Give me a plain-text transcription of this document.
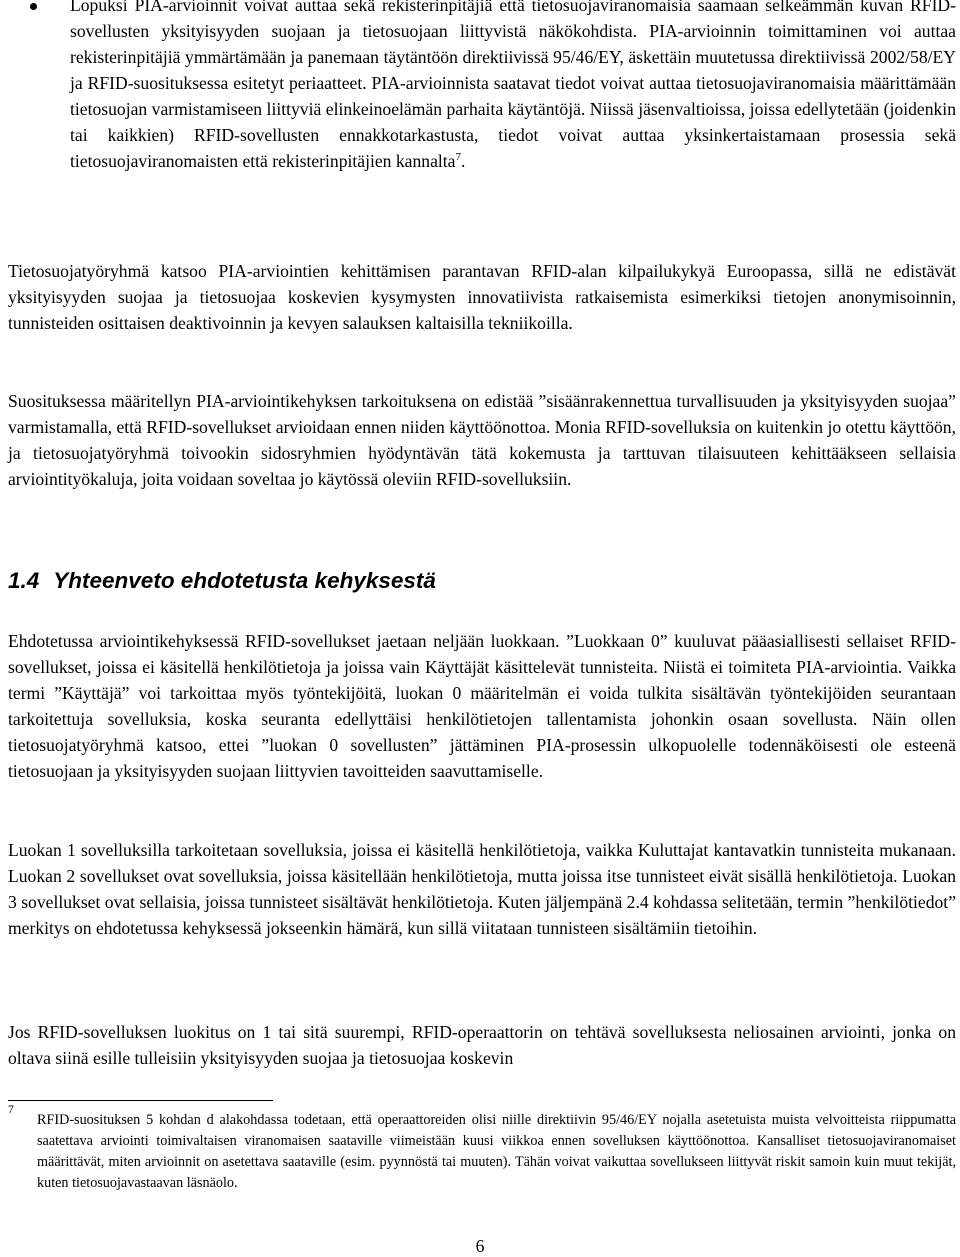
Lopuksi PIA-arvioinnit voivat auttaa sekä rekisterinpitäjiä että tietosuojaviranomaisia saamaan selkeämmän kuvan RFID-sovellusten yksityisyyden suojaan ja tietosuojaan liittyvistä näkökohdista. PIA-arvioinnin toimittaminen voi auttaa rekisterinpitäjiä ymmärtämään ja panemaan täytäntöön direktiivissä 95/46/EY, äskettäin muutetussa direktiivissä 2002/58/EY ja RFID-suosituksessa esitetyt periaatteet. PIA-arvioinnista saatavat tiedot voivat auttaa tietosuojaviranomaisia määrittämään tietosuojan varmistamiseen liittyviä elinkeinoelämän parhaita käytäntöjä. Niissä jäsenvaltioissa, joissa edellytetään (joidenkin tai kaikkien) RFID-sovellusten ennakkotarkastusta, tiedot voivat auttaa yksinkertaistamaan prosessia sekä tietosuojaviranomaisten että rekisterinpitäjien kannalta$^7$.

Tietosuojatyöryhmä katsoo PIA-arviointien kehittämisen parantavan RFID-alan kilpailukykyä Euroopassa, sillä ne edistävät yksityisyyden suojaa ja tietosuojaa koskevien kysymysten innovatiivista ratkaisemista esimerkiksi tietojen anonymisoinnin, tunnisteiden osittaisen deaktivoinnin ja kevyen salauksen kaltaisilla tekniikoilla.

Suosituksessa määritellyn PIA-arviointikehyksen tarkoituksena on edistää ”sisäänrakennettua turvallisuuden ja yksityisyyden suojaa” varmistamalla, että RFID-sovellukset arvioidaan ennen niiden käyttöönottoa. Monia RFID-sovelluksia on kuitenkin jo otettu käyttöön, ja tietosuojatyöryhmä toivookin sidosryhmien hyödyntävän tätä kokemusta ja tarttuvan tilaisuuteen kehittääkseen sellaisia arviointityökaluja, joita voidaan soveltaa jo käytössä oleviin RFID-sovelluksiin.

1.4 Yhteenveto ehdotetusta kehyksestä

Ehdotetussa arviointikehyksessä RFID-sovellukset jaetaan neljään luokkaan. ”Luokkaan 0” kuuluvat pääasiallisesti sellaiset RFID-sovellukset, joissa ei käsitellä henkilötietoja ja joissa vain Käyttäjät käsittelevät tunnisteita. Niistä ei toimiteta PIA-arviointia. Vaikka termi ”Käyttäjä” voi tarkoittaa myös työntekijöitä, luokan 0 määritelmän ei voida tulkita sisältävän työntekijöiden seurantaan tarkoitettuja sovelluksia, koska seuranta edellyttäisi henkilötietojen tallentamista johonkin osaan sovellusta. Näin ollen tietosuojatyöryhmä katsoo, ettei ”luokan 0 sovellusten” jättäminen PIA-prosessin ulkopuolelle todennäköisesti ole esteenä tietosuojaan ja yksityisyyden suojaan liittyvien tavoitteiden saavuttamiselle.

Luokan 1 sovelluksilla tarkoitetaan sovelluksia, joissa ei käsitellä henkilötietoja, vaikka Kuluttajat kantavatkin tunnisteita mukanaan. Luokan 2 sovellukset ovat sovelluksia, joissa käsitellään henkilötietoja, mutta joissa itse tunnisteet eivät sisällä henkilötietoja. Luokan 3 sovellukset ovat sellaisia, joissa tunnisteet sisältävät henkilötietoja. Kuten jäljempänä 2.4 kohdassa selitetään, termin ”henkilötiedot” merkitys on ehdotetussa kehyksessä jokseenkin hämärä, kun sillä viitataan tunnisteen sisältämiin tietoihin.

Jos RFID-sovelluksen luokitus on 1 tai sitä suurempi, RFID-operaattorin on tehtävä sovelluksesta neliosainen arviointi, jonka on oltava siinä esille tulleisiin yksityisyyden suojaa ja tietosuojaa koskevin

7

RFID-suosituksen 5 kohdan d alakohdassa todetaan, että operaattoreiden olisi niille direktiivin 95/46/EY nojalla asetetuista muista velvoitteista riippumatta saatettava arviointi toimivaltaisen viranomaisen saataville viimeistään kuusi viikkoa ennen sovelluksen käyttöönottoa. Kansalliset tietosuojaviranomaiset määrittävät, miten arvioinnit on asetettava saataville (esim. pyynnöstä tai muuten). Tähän voivat vaikuttaa sovellukseen liittyvät riskit samoin kuin muut tekijät, kuten tietosuojavastaavan läsnäolo.

6
